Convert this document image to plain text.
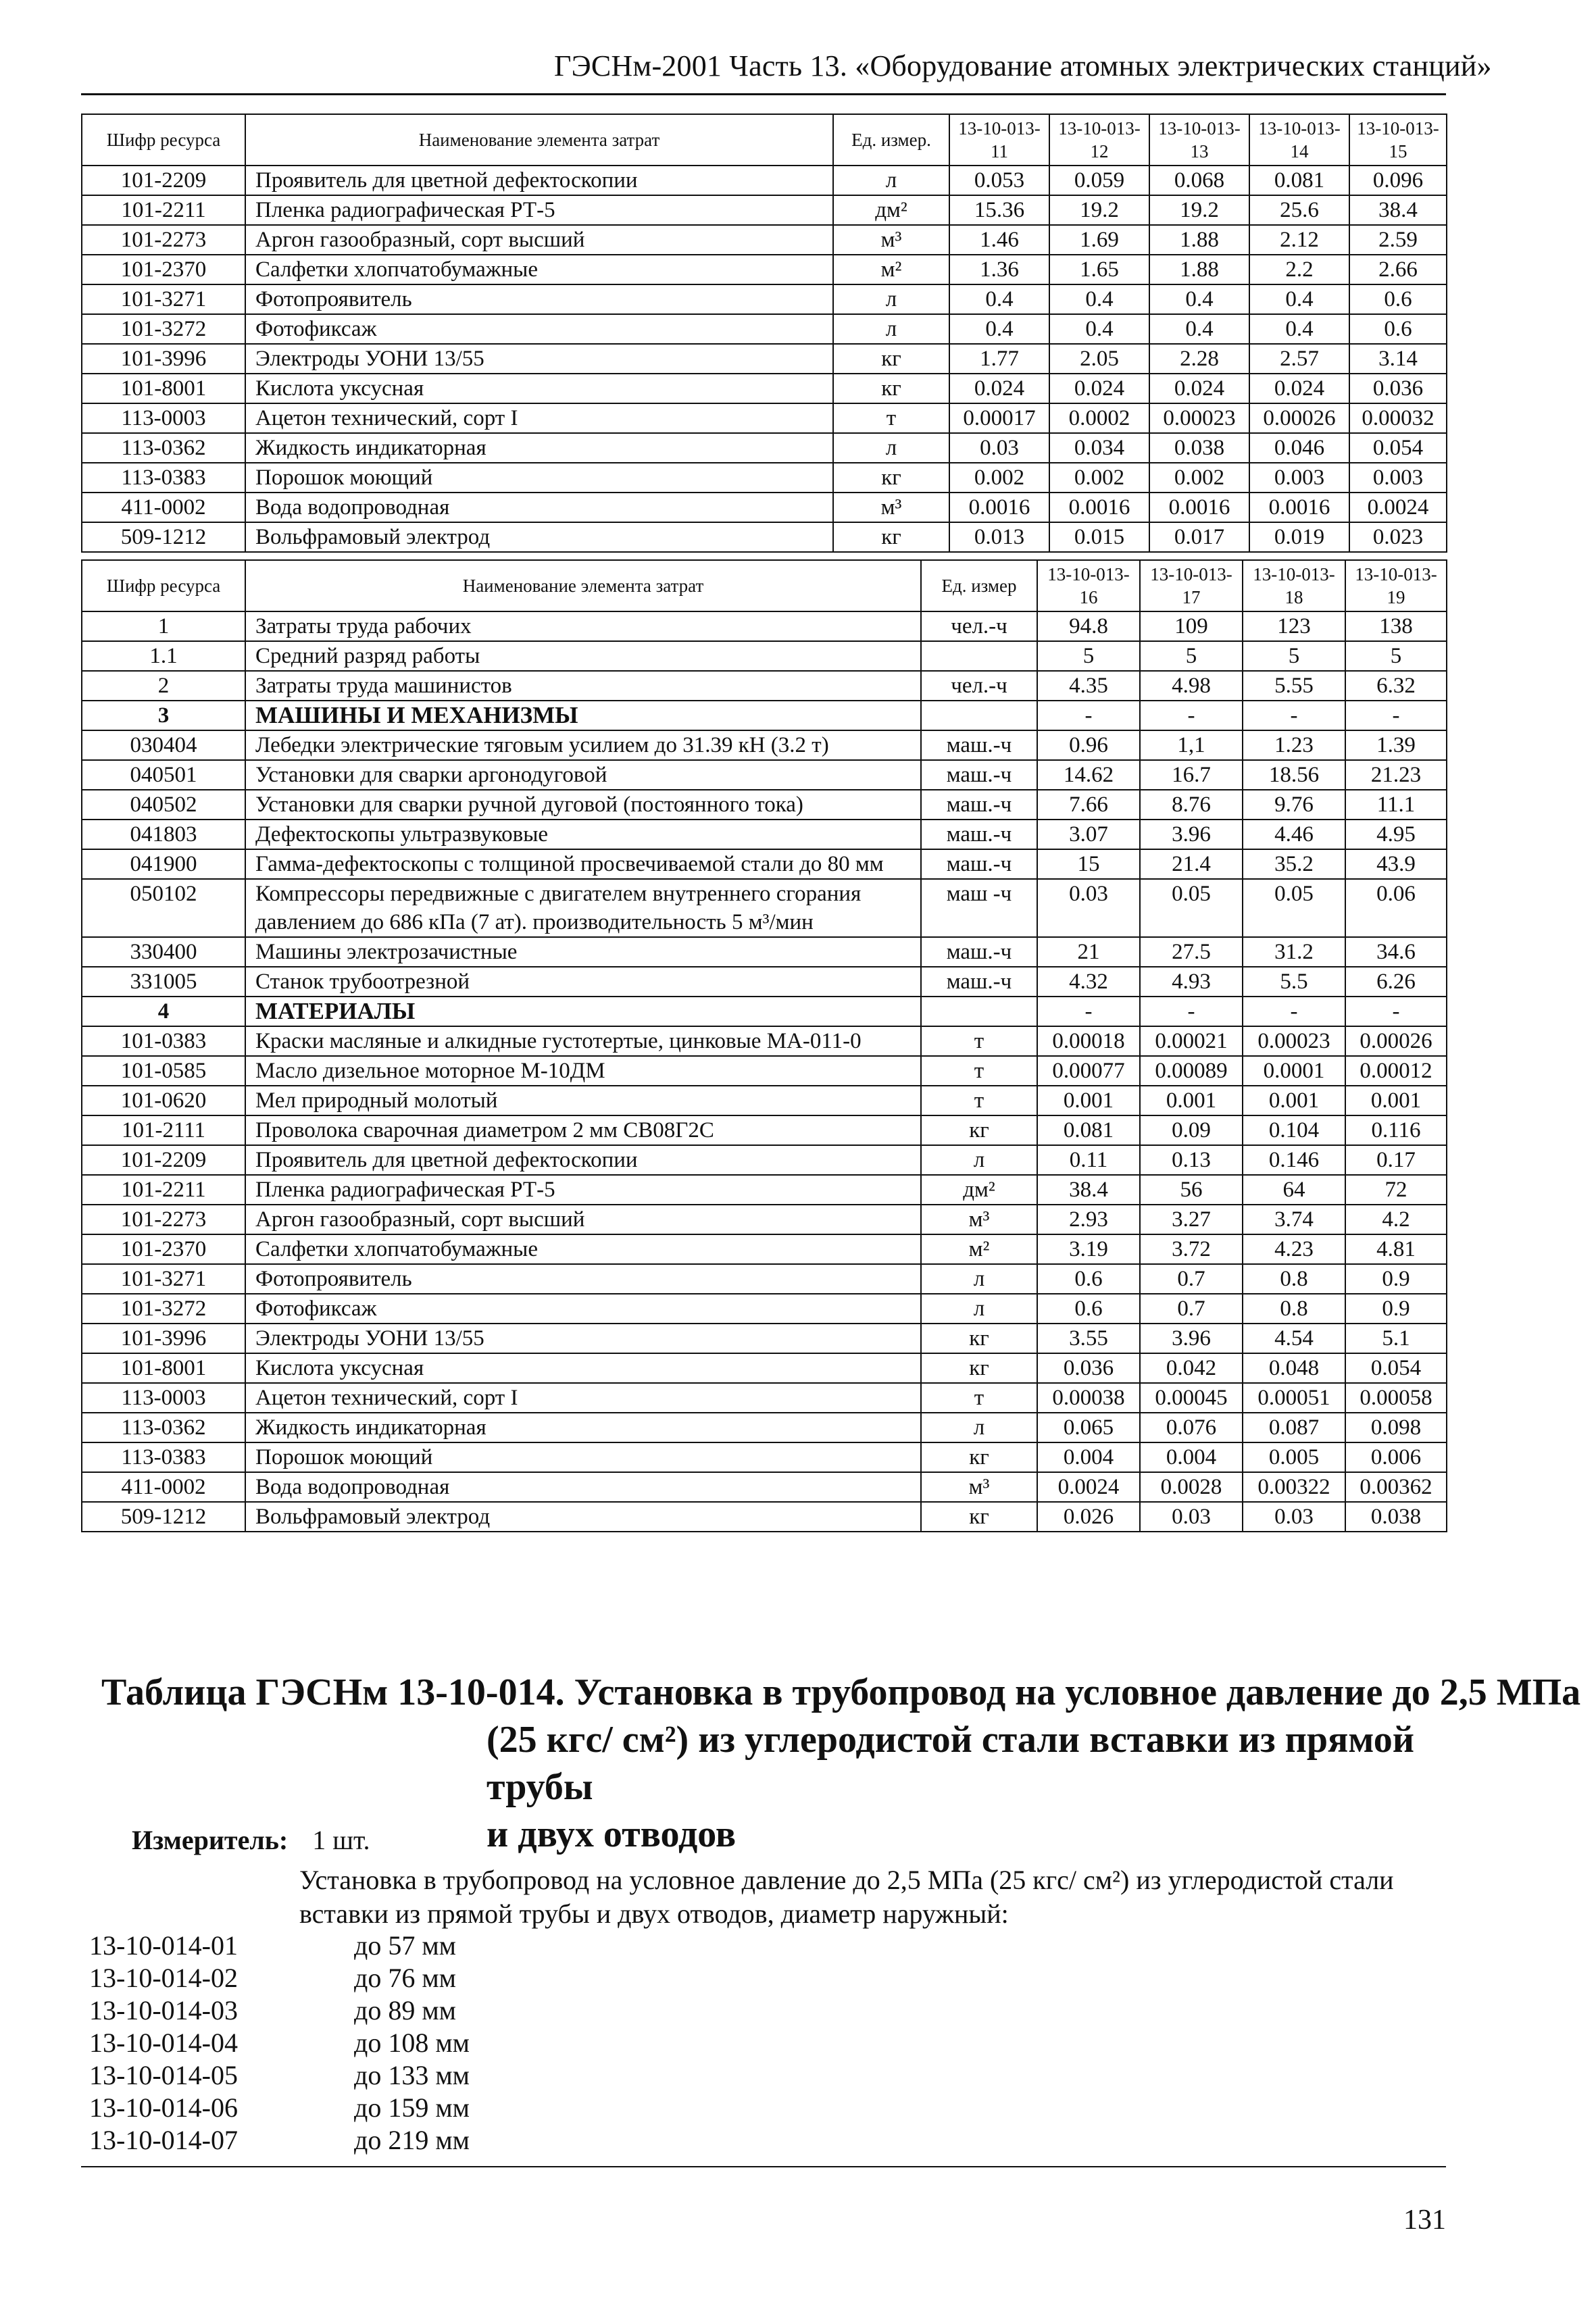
ГЭСНм-2001 Часть 13. «Оборудование атомных электрических станций»
Шифр ресурса	Наименование элемента затрат	Ед. измер.	13-10-013-11	13-10-013-12	13-10-013-13	13-10-013-14	13-10-013-15
101-2209	Проявитель для цветной дефектоскопии	л	0.053	0.059	0.068	0.081	0.096
101-2211	Пленка радиографическая РТ-5	дм²	15.36	19.2	19.2	25.6	38.4
101-2273	Аргон газообразный, сорт высший	м³	1.46	1.69	1.88	2.12	2.59
101-2370	Салфетки хлопчатобумажные	м²	1.36	1.65	1.88	2.2	2.66
101-3271	Фотопроявитель	л	0.4	0.4	0.4	0.4	0.6
101-3272	Фотофиксаж	л	0.4	0.4	0.4	0.4	0.6
101-3996	Электроды УОНИ 13/55	кг	1.77	2.05	2.28	2.57	3.14
101-8001	Кислота уксусная	кг	0.024	0.024	0.024	0.024	0.036
113-0003	Ацетон технический, сорт I	т	0.00017	0.0002	0.00023	0.00026	0.00032
113-0362	Жидкость индикаторная	л	0.03	0.034	0.038	0.046	0.054
113-0383	Порошок моющий	кг	0.002	0.002	0.002	0.003	0.003
411-0002	Вода водопроводная	м³	0.0016	0.0016	0.0016	0.0016	0.0024
509-1212	Вольфрамовый электрод	кг	0.013	0.015	0.017	0.019	0.023
Шифр ресурса	Наименование элемента затрат	Ед. измер	13-10-013-16	13-10-013-17	13-10-013-18	13-10-013-19
1	Затраты труда рабочих	чел.-ч	94.8	109	123	138
1.1	Средний разряд работы		5	5	5	5
2	Затраты труда машинистов	чел.-ч	4.35	4.98	5.55	6.32
3	МАШИНЫ И МЕХАНИЗМЫ		-	-	-	-
030404	Лебедки электрические тяговым усилием до 31.39 кН (3.2 т)	маш.-ч	0.96	1,1	1.23	1.39
040501	Установки для сварки аргонодуговой	маш.-ч	14.62	16.7	18.56	21.23
040502	Установки для сварки ручной дуговой (постоянного тока)	маш.-ч	7.66	8.76	9.76	11.1
041803	Дефектоскопы ультразвуковые	маш.-ч	3.07	3.96	4.46	4.95
041900	Гамма-дефектоскопы с толщиной просвечиваемой стали до 80 мм	маш.-ч	15	21.4	35.2	43.9
050102	Компрессоры передвижные с двигателем внутреннего сгорания давлением до 686 кПа (7 ат). производительность 5 м³/мин	маш -ч	0.03	0.05	0.05	0.06
330400	Машины электрозачистные	маш.-ч	21	27.5	31.2	34.6
331005	Станок трубоотрезной	маш.-ч	4.32	4.93	5.5	6.26
4	МАТЕРИАЛЫ		-	-	-	-
101-0383	Краски масляные и алкидные густотертые, цинковые МА-011-0	т	0.00018	0.00021	0.00023	0.00026
101-0585	Масло дизельное моторное М-10ДМ	т	0.00077	0.00089	0.0001	0.00012
101-0620	Мел природный молотый	т	0.001	0.001	0.001	0.001
101-2111	Проволока сварочная диаметром 2 мм СВ08Г2С	кг	0.081	0.09	0.104	0.116
101-2209	Проявитель для цветной дефектоскопии	л	0.11	0.13	0.146	0.17
101-2211	Пленка радиографическая РТ-5	дм²	38.4	56	64	72
101-2273	Аргон газообразный, сорт высший	м³	2.93	3.27	3.74	4.2
101-2370	Салфетки хлопчатобумажные	м²	3.19	3.72	4.23	4.81
101-3271	Фотопроявитель	л	0.6	0.7	0.8	0.9
101-3272	Фотофиксаж	л	0.6	0.7	0.8	0.9
101-3996	Электроды УОНИ 13/55	кг	3.55	3.96	4.54	5.1
101-8001	Кислота уксусная	кг	0.036	0.042	0.048	0.054
113-0003	Ацетон технический, сорт I	т	0.00038	0.00045	0.00051	0.00058
113-0362	Жидкость индикаторная	л	0.065	0.076	0.087	0.098
113-0383	Порошок моющий	кг	0.004	0.004	0.005	0.006
411-0002	Вода водопроводная	м³	0.0024	0.0028	0.00322	0.00362
509-1212	Вольфрамовый электрод	кг	0.026	0.03	0.03	0.038
Таблица ГЭСНм 13-10-014. Установка в трубопровод на условное давление до 2,5 МПа
(25 кгс/ см²) из углеродистой стали вставки из прямой трубы
и двух отводов
Измеритель: 1 шт.
Установка в трубопровод на условное давление до 2,5 МПа (25 кгс/ см²) из углеродистой стали вставки из прямой трубы и двух отводов, диаметр наружный:
13-10-014-01	до 57 мм
13-10-014-02	до 76 мм
13-10-014-03	до 89 мм
13-10-014-04	до 108 мм
13-10-014-05	до 133 мм
13-10-014-06	до 159 мм
13-10-014-07	до 219 мм
131
